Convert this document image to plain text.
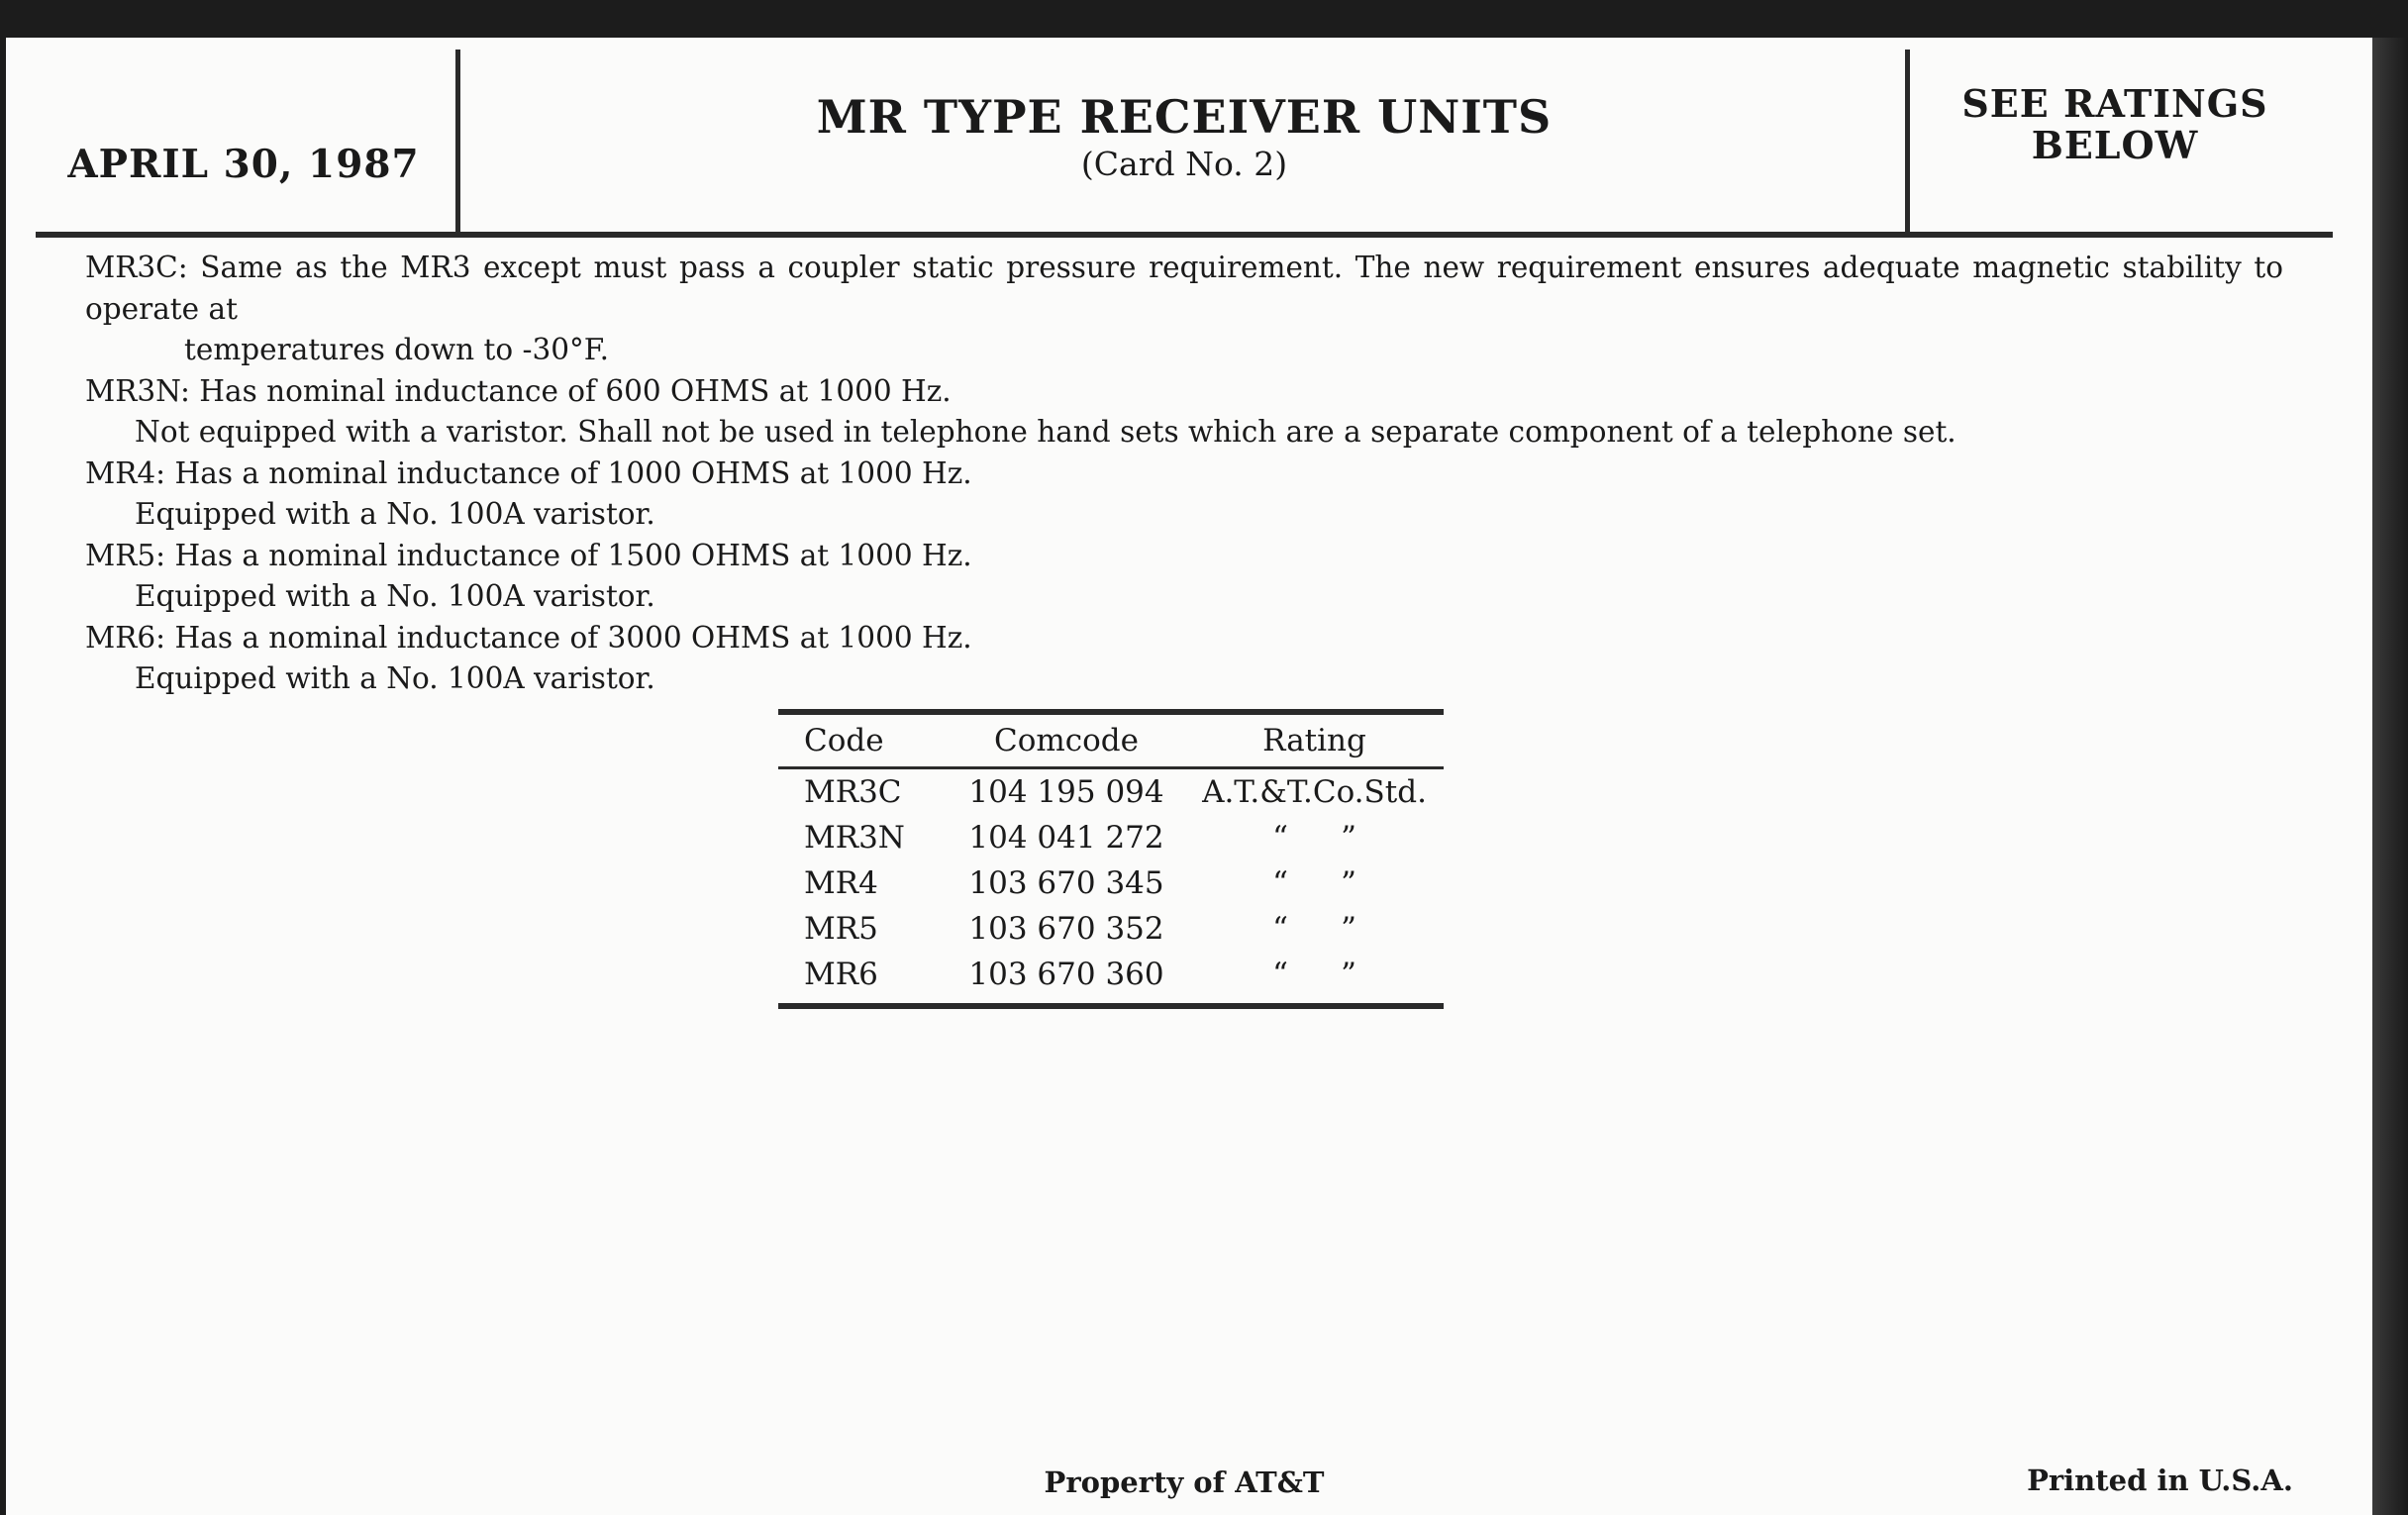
APRIL 30, 1987
MR TYPE RECEIVER UNITS
(Card No. 2)
SEE RATINGS
BELOW

MR3C: Same as the MR3 except must pass a coupler static pressure requirement. The new requirement ensures adequate magnetic stability to operate at

temperatures down to -30°F.

MR3N: Has nominal inductance of 600 OHMS at 1000 Hz.

Not equipped with a varistor. Shall not be used in telephone hand sets which are a separate component of a telephone set.

MR4: Has a nominal inductance of 1000 OHMS at 1000 Hz.

Equipped with a No. 100A varistor.

MR5: Has a nominal inductance of 1500 OHMS at 1000 Hz.

Equipped with a No. 100A varistor.

MR6: Has a nominal inductance of 3000 OHMS at 1000 Hz.

Equipped with a No. 100A varistor.

Code	Comcode	Rating
MR3C	104 195 094	A.T.&T.Co.Std.
MR3N	104 041 272	“ ”
MR4	103 670 345	“ ”
MR5	103 670 352	“ ”
MR6	103 670 360	“ ”
Property of AT&T	Printed in U.S.A.
